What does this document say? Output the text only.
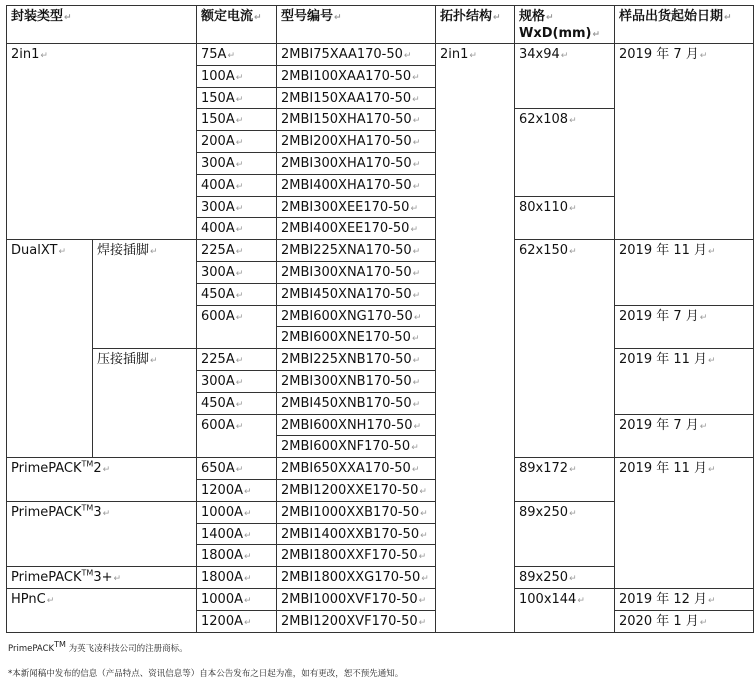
封装类型↵		额定电流↵	型号编号↵	拓扑结构↵	规格↵
WxD(mm)↵	样品出货起始日期↵
2in1↵		75A↵	2MBI75XAA170-50↵	2in1↵	34x94↵	2019 年 7 月↵
		100A↵	2MBI100XAA170-50↵			
		150A↵	2MBI150XAA170-50↵			
		150A↵	2MBI150XHA170-50↵		62x108↵	
		200A↵	2MBI200XHA170-50↵			
		300A↵	2MBI300XHA170-50↵			
		400A↵	2MBI400XHA170-50↵			
		300A↵	2MBI300XEE170-50↵		80x110↵	
		400A↵	2MBI400XEE170-50↵			
DualXT↵	焊接插脚↵	225A↵	2MBI225XNA170-50↵		62x150↵	2019 年 11 月↵
		300A↵	2MBI300XNA170-50↵			
		450A↵	2MBI450XNA170-50↵			
		600A↵	2MBI600XNG170-50↵			2019 年 7 月↵
			2MBI600XNE170-50↵			
	压接插脚↵	225A↵	2MBI225XNB170-50↵			2019 年 11 月↵
		300A↵	2MBI300XNB170-50↵			
		450A↵	2MBI450XNB170-50↵			
		600A↵	2MBI600XNH170-50↵			2019 年 7 月↵
			2MBI600XNF170-50↵			
PrimePACK™2↵		650A↵	2MBI650XXA170-50↵		89x172↵	2019 年 11 月↵
		1200A↵	2MBI1200XXE170-50↵			
PrimePACK™3↵		1000A↵	2MBI1000XXB170-50↵		89x250↵	
		1400A↵	2MBI1400XXB170-50↵			
		1800A↵	2MBI1800XXF170-50↵			
PrimePACK™3+↵		1800A↵	2MBI1800XXG170-50↵		89x250↵	
HPnC↵		1000A↵	2MBI1000XVF170-50↵		100x144↵	2019 年 12 月↵
		1200A↵	2MBI1200XVF170-50↵			2020 年 1 月↵
PrimePACKTM 为英飞凌科技公司的注册商标。
*本新闻稿中发布的信息（产品特点、资讯信息等）自本公告发布之日起为准，如有更改，恕不预先通知。
